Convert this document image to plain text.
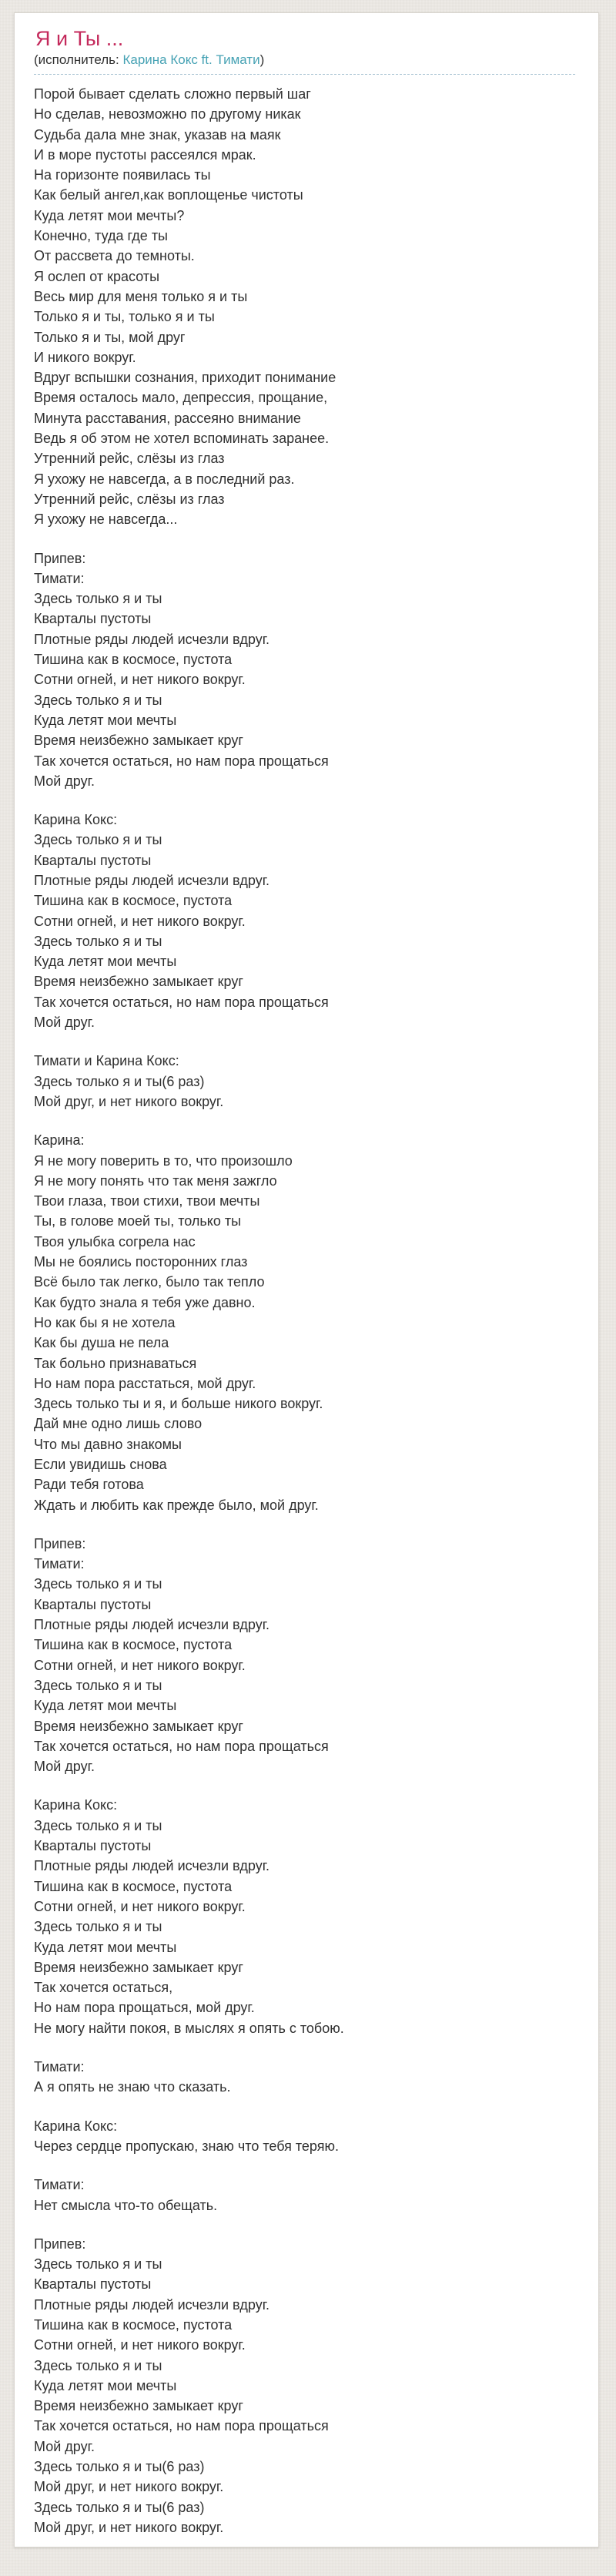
Я и Ты ...
(исполнитель: Карина Кокс ft. Тимати)

Порой бывает сделать сложно первый шаг
Но сделав, невозможно по другому никак
Судьба дала мне знак, указав на маяк
И в море пустоты рассеялся мрак.
На горизонте появилась ты
Как белый ангел,как воплощенье чистоты
Куда летят мои мечты?
Конечно, туда где ты
От рассвета до темноты.
Я ослеп от красоты
Весь мир для меня только я и ты
Только я и ты, только я и ты
Только я и ты, мой друг
И никого вокруг.
Вдруг вспышки сознания, приходит понимание
Время осталось мало, депрессия, прощание,
Минута расставания, рассеяно внимание
Ведь я об этом не хотел вспоминать заранее.
Утренний рейс, слёзы из глаз
Я ухожу не навсегда, а в последний раз.
Утренний рейс, слёзы из глаз
Я ухожу не навсегда...

Припев:
Тимати:
Здесь только я и ты
Кварталы пустоты
Плотные ряды людей исчезли вдруг.
Тишина как в космосе, пустота
Сотни огней, и нет никого вокруг.
Здесь только я и ты
Куда летят мои мечты
Время неизбежно замыкает круг
Так хочется остаться, но нам пора прощаться
Мой друг.

Карина Кокс:
Здесь только я и ты
Кварталы пустоты
Плотные ряды людей исчезли вдруг.
Тишина как в космосе, пустота
Сотни огней, и нет никого вокруг.
Здесь только я и ты
Куда летят мои мечты
Время неизбежно замыкает круг
Так хочется остаться, но нам пора прощаться
Мой друг.

Тимати и Карина Кокс:
Здесь только я и ты(6 раз)
Мой друг, и нет никого вокруг.

Карина:
Я не могу поверить в то, что произошло
Я не могу понять что так меня зажгло
Твои глаза, твои стихи, твои мечты
Ты, в голове моей ты, только ты
Твоя улыбка согрела нас
Мы не боялись посторонних глаз
Всё было так легко, было так тепло
Как будто знала я тебя уже давно.
Но как бы я не хотела
Как бы душа не пела
Так больно признаваться
Но нам пора расстаться, мой друг.
Здесь только ты и я, и больше никого вокруг.
Дай мне одно лишь слово
Что мы давно знакомы
Если увидишь снова
Ради тебя готова
Ждать и любить как прежде было, мой друг.

Припев:
Тимати:
Здесь только я и ты
Кварталы пустоты
Плотные ряды людей исчезли вдруг.
Тишина как в космосе, пустота
Сотни огней, и нет никого вокруг.
Здесь только я и ты
Куда летят мои мечты
Время неизбежно замыкает круг
Так хочется остаться, но нам пора прощаться
Мой друг.

Карина Кокс:
Здесь только я и ты
Кварталы пустоты
Плотные ряды людей исчезли вдруг.
Тишина как в космосе, пустота
Сотни огней, и нет никого вокруг.
Здесь только я и ты
Куда летят мои мечты
Время неизбежно замыкает круг
Так хочется остаться,
Но нам пора прощаться, мой друг.
Не могу найти покоя, в мыслях я опять с тобою.

Тимати:
А я опять не знаю что сказать.

Карина Кокс:
Через сердце пропускаю, знаю что тебя теряю.

Тимати:
Нет смысла что-то обещать.

Припев:
Здесь только я и ты
Кварталы пустоты
Плотные ряды людей исчезли вдруг.
Тишина как в космосе, пустота
Сотни огней, и нет никого вокруг.
Здесь только я и ты
Куда летят мои мечты
Время неизбежно замыкает круг
Так хочется остаться, но нам пора прощаться
Мой друг.
Здесь только я и ты(6 раз)
Мой друг, и нет никого вокруг.
Здесь только я и ты(6 раз)
Мой друг, и нет никого вокруг.
